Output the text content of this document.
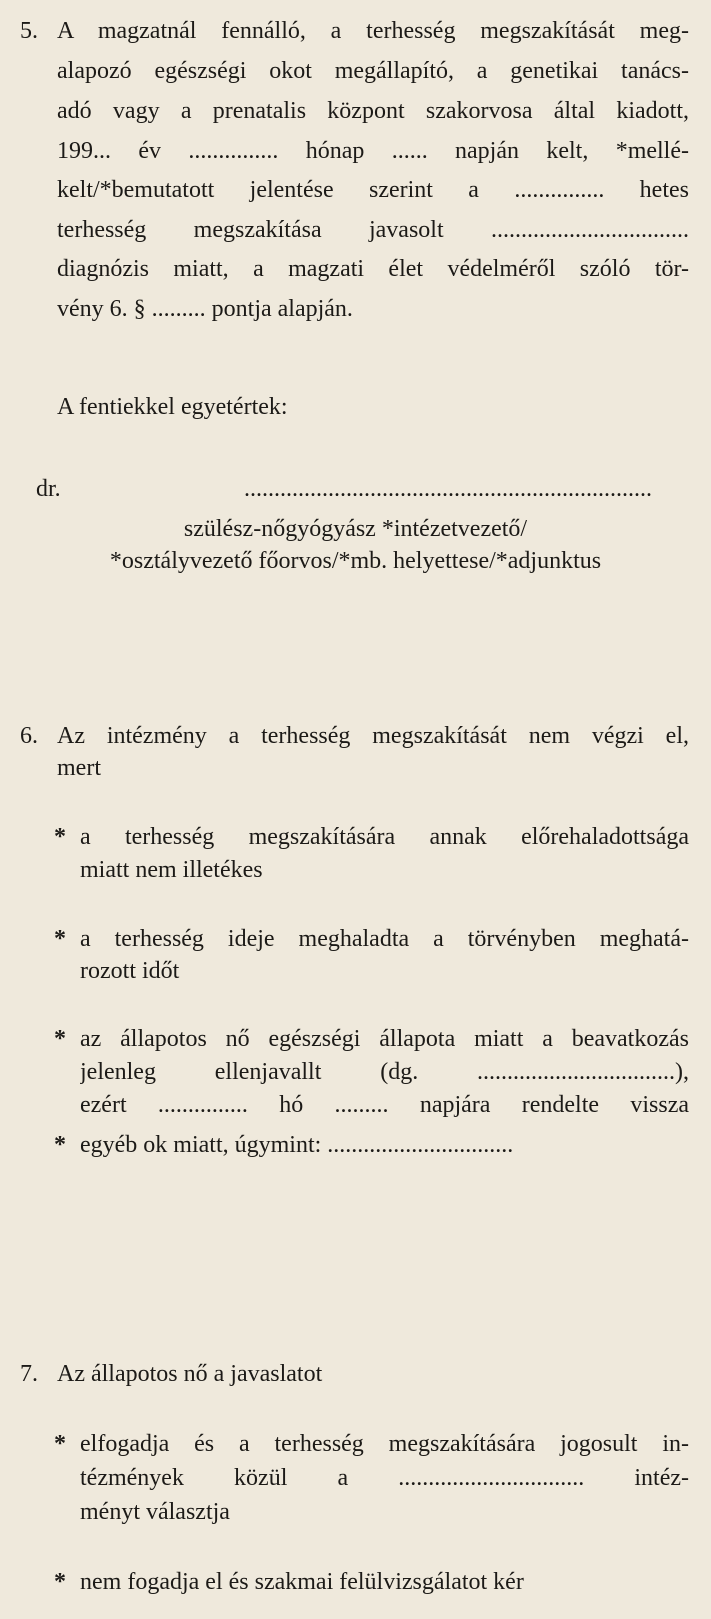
5. A magzatnál fennálló, a terhesség megszakítását meg-
alapozó egészségi okot megállapító, a genetikai tanács-
adó vagy a prenatalis központ szakorvosa által kiadott,
199... év ............... hónap ...... napján kelt, *mellé-
kelt/*bemutatott jelentése szerint a ............... hetes
terhesség megszakítása javasolt .................................
diagnózis miatt, a magzati élet védelméről szóló tör-
vény 6. § ......... pontja alapján.
A fentiekkel egyetértek:
dr. ....................................................................
szülész-nőgyógyász *intézetvezető/
*osztályvezető főorvos/*mb. helyettese/*adjunktus
6. Az intézmény a terhesség megszakítását nem végzi el,
mert
* a terhesség megszakítására annak előrehaladottsága
miatt nem illetékes
* a terhesség ideje meghaladta a törvényben meghatá-
rozott időt
* az állapotos nő egészségi állapota miatt a beavatkozás
jelenleg ellenjavallt (dg. .................................),
ezért ............... hó ......... napjára rendelte vissza
* egyéb ok miatt, úgymint: ...............................
7. Az állapotos nő a javaslatot
* elfogadja és a terhesség megszakítására jogosult in-
tézmények közül a ............................... intéz-
ményt választja
* nem fogadja el és szakmai felülvizsgálatot kér
